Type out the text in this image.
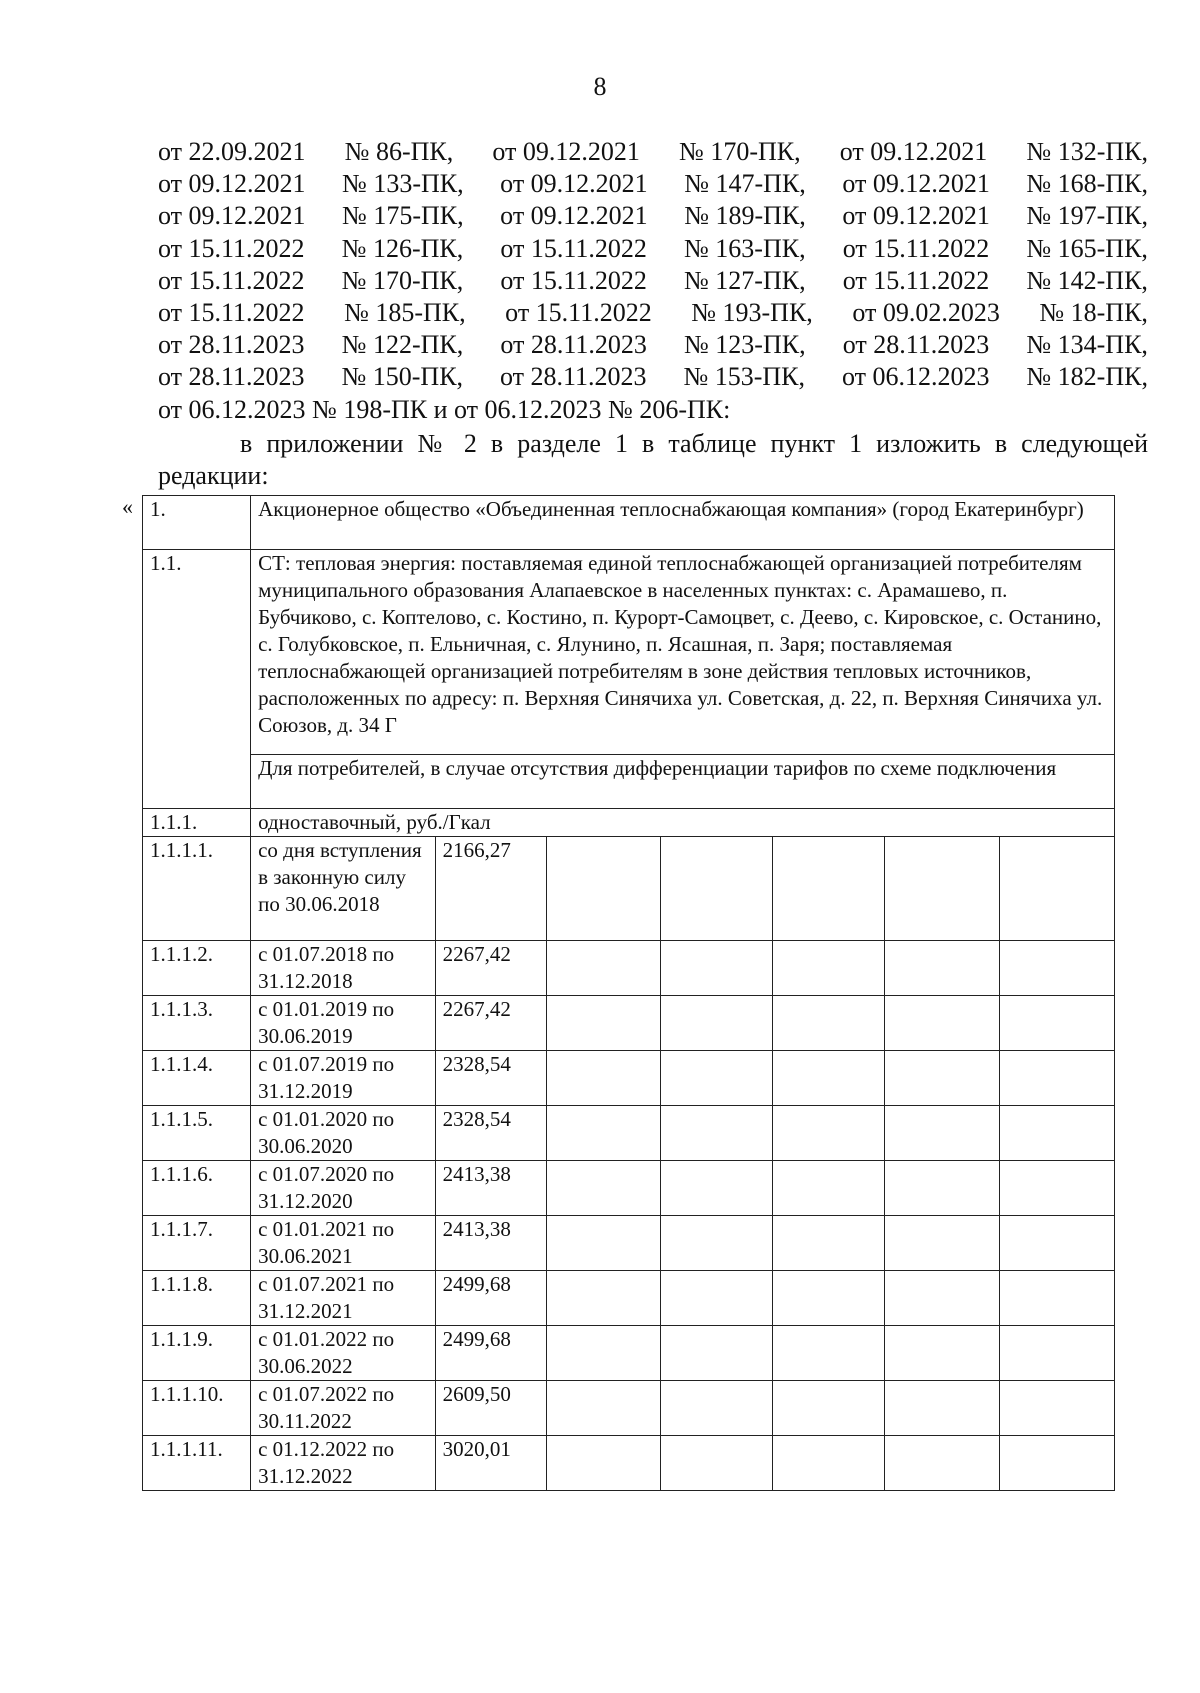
8
от 22.09.2021 № 86-ПК, от 09.12.2021 № 170-ПК, от 09.12.2021 № 132-ПК,
от 09.12.2021 № 133-ПК, от 09.12.2021 № 147-ПК, от 09.12.2021 № 168-ПК,
от 09.12.2021 № 175-ПК, от 09.12.2021 № 189-ПК, от 09.12.2021 № 197-ПК,
от 15.11.2022 № 126-ПК, от 15.11.2022 № 163-ПК, от 15.11.2022 № 165-ПК,
от 15.11.2022 № 170-ПК, от 15.11.2022 № 127-ПК, от 15.11.2022 № 142-ПК,
от 15.11.2022 № 185-ПК, от 15.11.2022 № 193-ПК, от 09.02.2023 № 18-ПК,
от 28.11.2023 № 122-ПК, от 28.11.2023 № 123-ПК, от 28.11.2023 № 134-ПК,
от 28.11.2023 № 150-ПК, от 28.11.2023 № 153-ПК, от 06.12.2023 № 182-ПК,
от 06.12.2023 № 198-ПК и от 06.12.2023 № 206-ПК:
в приложении № 2 в разделе 1 в таблице пункт 1 изложить в следующей редакции:
« 1.	Акционерное общество «Объединенная теплоснабжающая компания» (город Екатеринбург)						
1.1.	СТ: тепловая энергия: поставляемая единой теплоснабжающей организацией потребителям муниципального образования Алапаевское в населенных пунктах: с. Арамашево, п. Бубчиково, с. Коптелово, с. Костино, п. Курорт-Самоцвет, с. Деево, с. Кировское, с. Останино, с. Голубковское, п. Ельничная, с. Ялунино, п. Ясашная, п. Заря; поставляемая теплоснабжающей организацией потребителям в зоне действия тепловых источников, расположенных по адресу: п. Верхняя Синячиха ул. Советская, д. 22, п. Верхняя Синячиха ул. Союзов, д. 34 Г						
	Для потребителей, в случае отсутствия дифференциации тарифов по схеме подключения						
1.1.1.	одноставочный, руб./Гкал						
1.1.1.1.	со дня вступления в законную силу по 30.06.2018	2166,27					
1.1.1.2.	с 01.07.2018 по 31.12.2018	2267,42					
1.1.1.3.	с 01.01.2019 по 30.06.2019	2267,42					
1.1.1.4.	с 01.07.2019 по 31.12.2019	2328,54					
1.1.1.5.	с 01.01.2020 по 30.06.2020	2328,54					
1.1.1.6.	с 01.07.2020 по 31.12.2020	2413,38					
1.1.1.7.	с 01.01.2021 по 30.06.2021	2413,38					
1.1.1.8.	с 01.07.2021 по 31.12.2021	2499,68					
1.1.1.9.	с 01.01.2022 по 30.06.2022	2499,68					
1.1.1.10.	с 01.07.2022 по 30.11.2022	2609,50					
1.1.1.11.	с 01.12.2022 по 31.12.2022	3020,01					
